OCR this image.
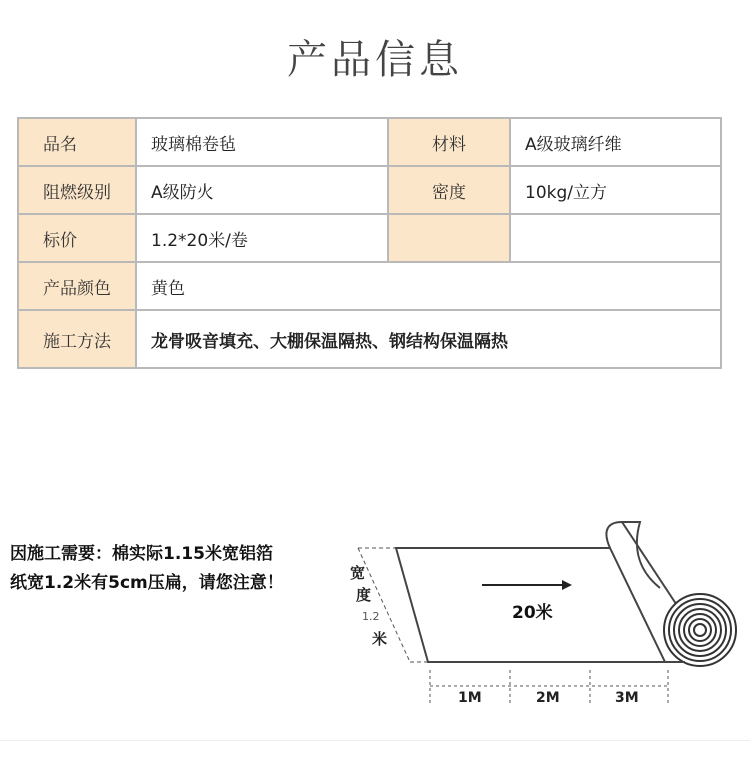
产品信息
品名	玻璃棉卷毡	材料	A级玻璃纤维
阻燃级别	A级防火	密度	10kg/立方
标价	1.2*20米/卷		
产品颜色	黄色		
施工方法	龙骨吸音填充、大棚保温隔热、钢结构保温隔热		
因施工需要：棉实际1.15米宽铝箔
纸宽1.2米有5cm压扁，请您注意！	宽
度
1.2
米
20米
1M	2M	3M
